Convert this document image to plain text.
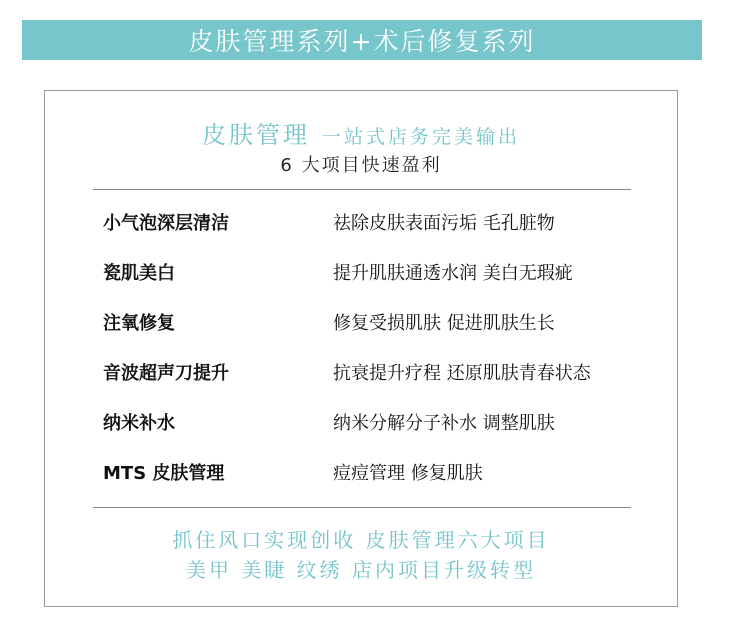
皮肤管理系列+术后修复系列
皮肤管理 一站式店务完美输出
6 大项目快速盈利
小气泡深层清洁	祛除皮肤表面污垢 毛孔脏物
瓷肌美白	提升肌肤通透水润 美白无瑕疵
注氧修复	修复受损肌肤 促进肌肤生长
音波超声刀提升	抗衰提升疗程 还原肌肤青春状态
纳米补水	纳米分解分子补水 调整肌肤
MTS 皮肤管理	痘痘管理 修复肌肤
抓住风口实现创收 皮肤管理六大项目
美甲 美睫 纹绣 店内项目升级转型
